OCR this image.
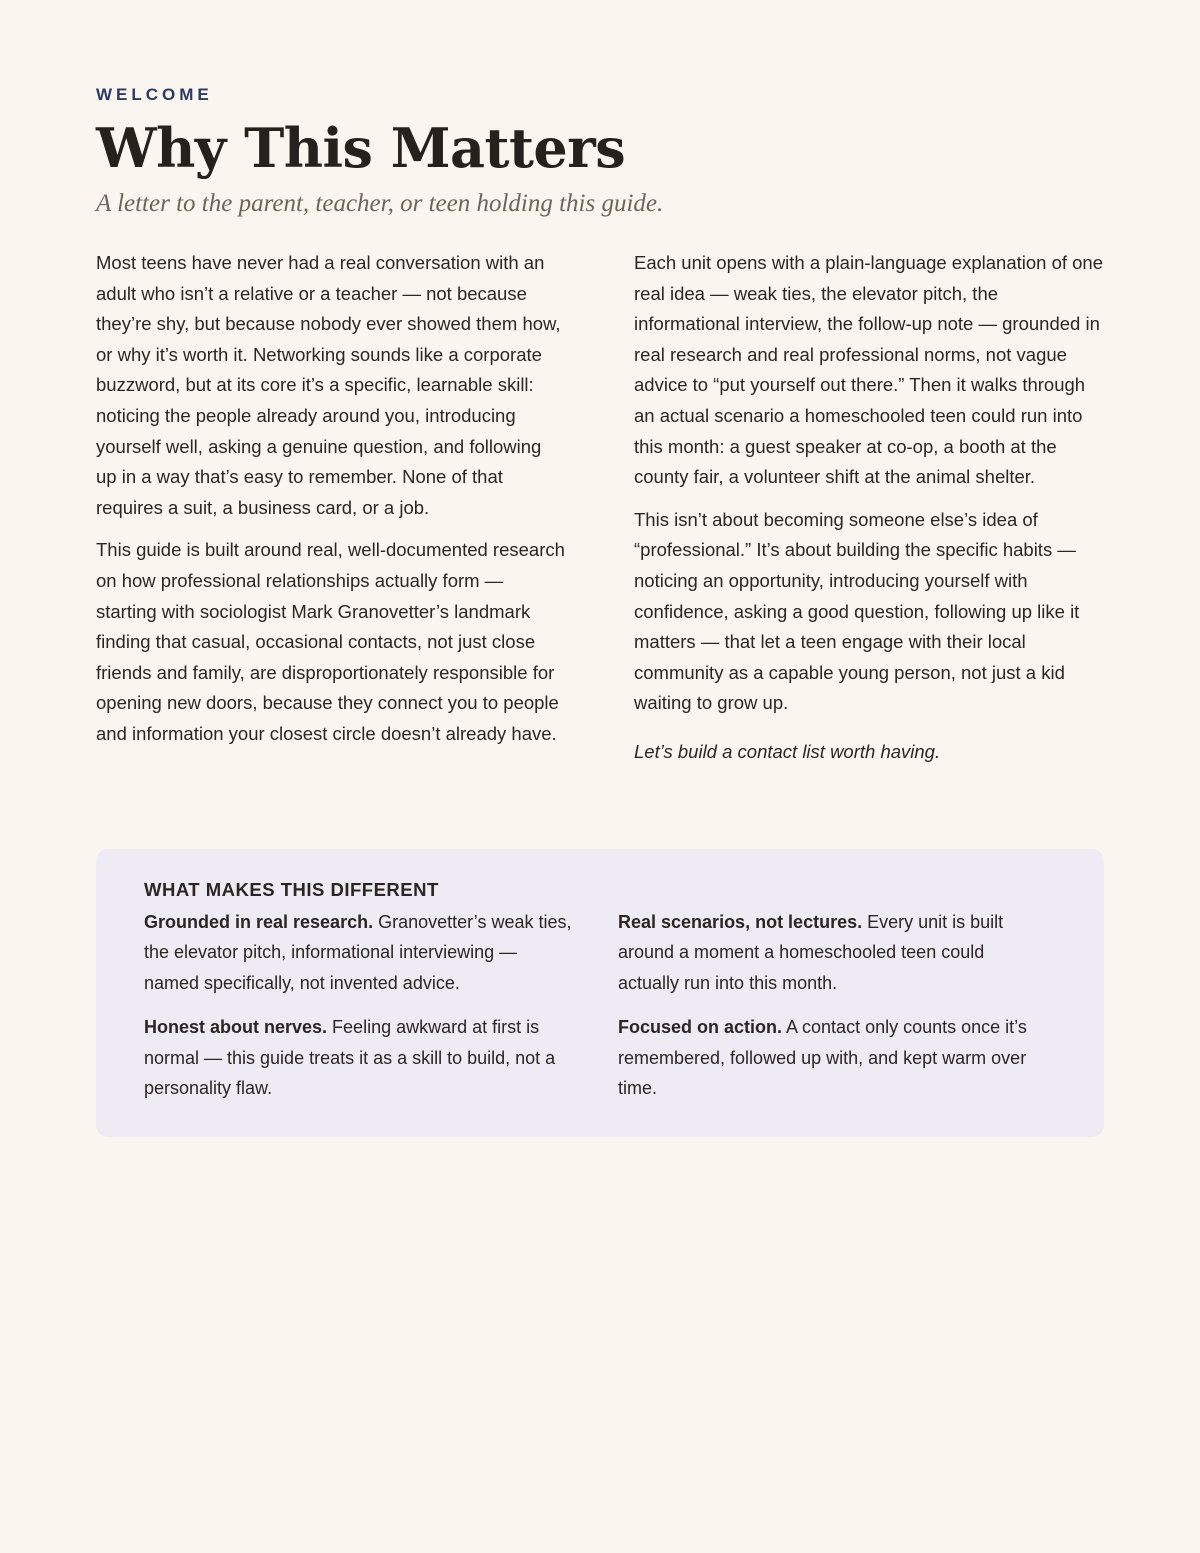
WELCOME
Why This Matters
A letter to the parent, teacher, or teen holding this guide.

Most teens have never had a real conversation with an adult who isn’t a relative or a teacher — not because they’re shy, but because nobody ever showed them how, or why it’s worth it. Networking sounds like a corporate buzzword, but at its core it’s a specific, learnable skill: noticing the people already around you, introducing yourself well, asking a genuine question, and following up in a way that’s easy to remember. None of that requires a suit, a business card, or a job.

This guide is built around real, well-documented research on how professional relationships actually form — starting with sociologist Mark Granovetter’s landmark finding that casual, occasional contacts, not just close friends and family, are disproportionately responsible for opening new doors, because they connect you to people and information your closest circle doesn’t already have.

Each unit opens with a plain-language explanation of one real idea — weak ties, the elevator pitch, the informational interview, the follow-up note — grounded in real research and real professional norms, not vague advice to “put yourself out there.” Then it walks through an actual scenario a homeschooled teen could run into this month: a guest speaker at co-op, a booth at the county fair, a volunteer shift at the animal shelter.

This isn’t about becoming someone else’s idea of “professional.” It’s about building the specific habits — noticing an opportunity, introducing yourself with confidence, asking a good question, following up like it matters — that let a teen engage with their local community as a capable young person, not just a kid waiting to grow up.

Let’s build a contact list worth having.

WHAT MAKES THIS DIFFERENT

Grounded in real research. Granovetter’s weak ties, the elevator pitch, informational interviewing — named specifically, not invented advice.

Real scenarios, not lectures. Every unit is built around a moment a homeschooled teen could actually run into this month.

Honest about nerves. Feeling awkward at first is normal — this guide treats it as a skill to build, not a personality flaw.

Focused on action. A contact only counts once it’s remembered, followed up with, and kept warm over time.
